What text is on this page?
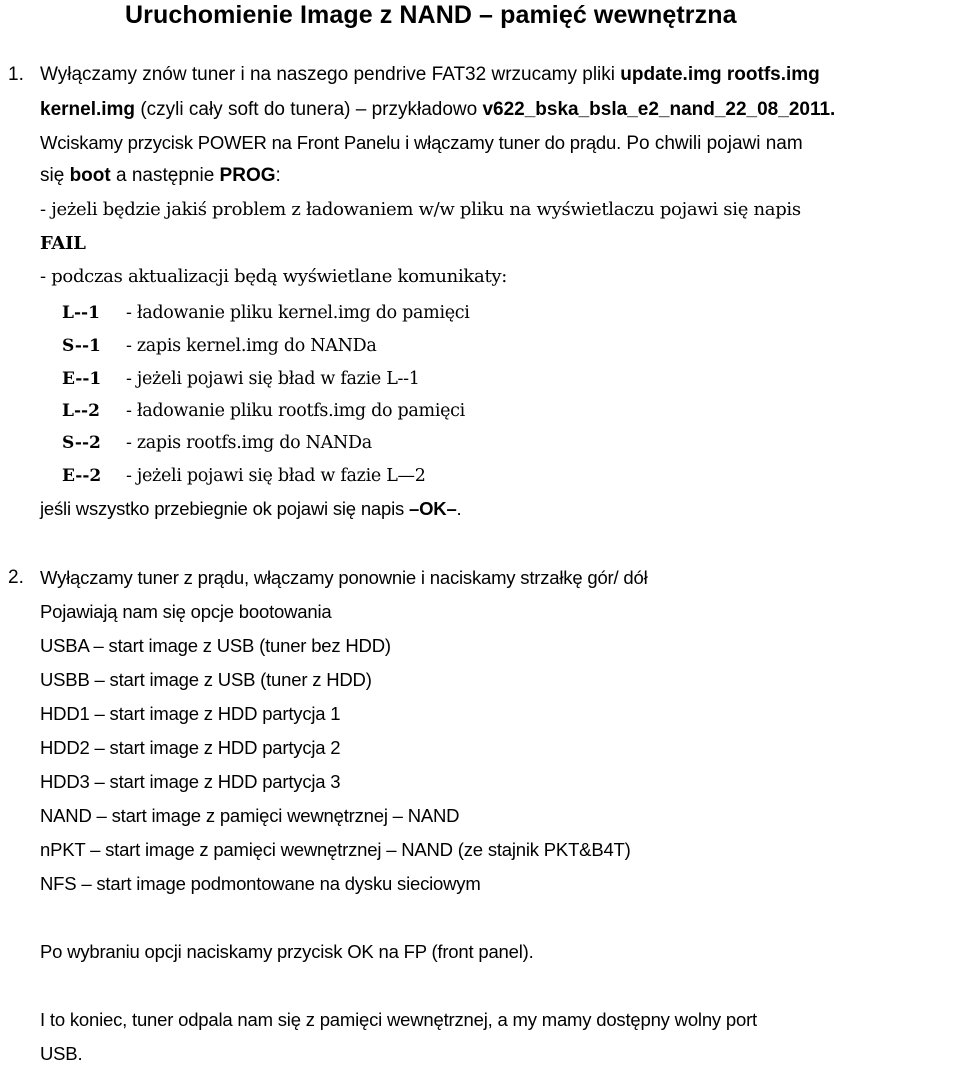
Uruchomienie Image z NAND – pamięć wewnętrzna
1. Wyłączamy znów tuner i na naszego pendrive FAT32 wrzucamy pliki update.img rootfs.img
kernel.img (czyli cały soft do tunera) – przykładowo v622_bska_bsla_e2_nand_22_08_2011.
Wciskamy przycisk POWER na Front Panelu i włączamy tuner do prądu. Po chwili pojawi nam
się boot a następnie PROG:
- jeżeli będzie jakiś problem z ładowaniem w/w pliku na wyświetlaczu pojawi się napis
FAIL
- podczas aktualizacji będą wyświetlane komunikaty:
L--1 - ładowanie pliku kernel.img do pamięci
S--1 - zapis kernel.img do NANDa
E--1 - jeżeli pojawi się bład w fazie L--1
L--2 - ładowanie pliku rootfs.img do pamięci
S--2 - zapis rootfs.img do NANDa
E--2 - jeżeli pojawi się bład w fazie L—2
jeśli wszystko przebiegnie ok pojawi się napis –OK–.
2. Wyłączamy tuner z prądu, włączamy ponownie i naciskamy strzałkę gór/ dół
Pojawiają nam się opcje bootowania
USBA – start image z USB (tuner bez HDD)
USBB – start image z USB (tuner z HDD)
HDD1 – start image z HDD partycja 1
HDD2 – start image z HDD partycja 2
HDD3 – start image z HDD partycja 3
NAND – start image z pamięci wewnętrznej – NAND
nPKT – start image z pamięci wewnętrznej – NAND (ze stajnik PKT&B4T)
NFS – start image podmontowane na dysku sieciowym
Po wybraniu opcji naciskamy przycisk OK na FP (front panel).
I to koniec, tuner odpala nam się z pamięci wewnętrznej, a my mamy dostępny wolny port
USB.
